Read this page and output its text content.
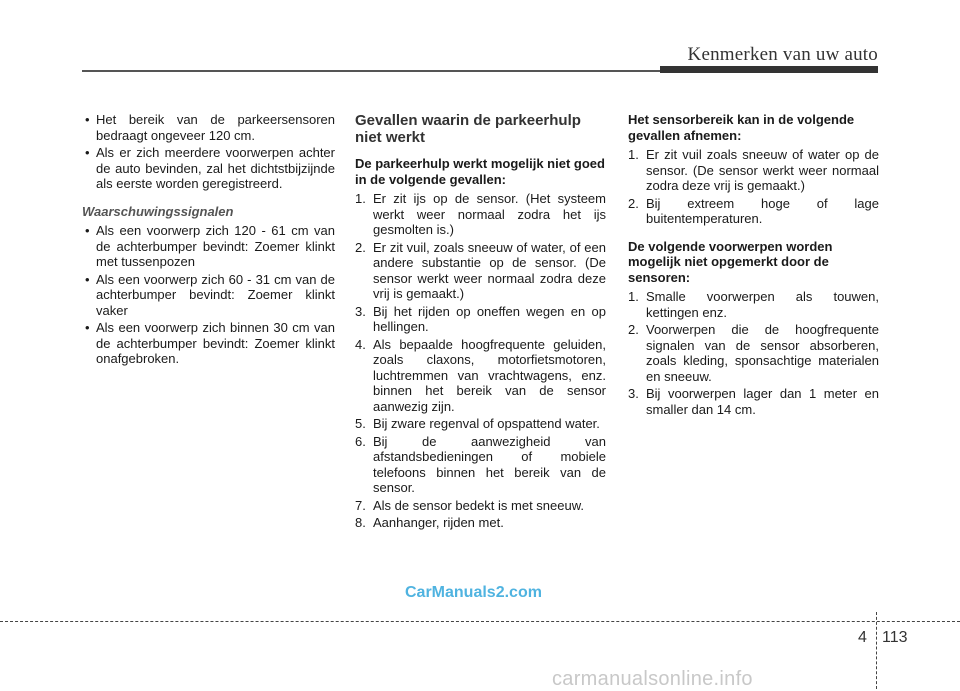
Kenmerken van uw auto
• Het bereik van de parkeersensoren bedraagt ongeveer 120 cm.
• Als er zich meerdere voorwerpen achter de auto bevinden, zal het dichtstbijzijnde als eerste worden geregistreerd.
Waarschuwingssignalen
• Als een voorwerp zich 120 - 61 cm van de achterbumper bevindt: Zoemer klinkt met tussenpozen
• Als een voorwerp zich 60 - 31 cm van de achterbumper bevindt: Zoemer klinkt vaker
• Als een voorwerp zich binnen 30 cm van de achterbumper bevindt: Zoemer klinkt onafgebroken.
Gevallen waarin de parkeerhulp niet werkt
De parkeerhulp werkt mogelijk niet goed in de volgende gevallen:
1. Er zit ijs op de sensor. (Het systeem werkt weer normaal zodra het ijs gesmolten is.)
2. Er zit vuil, zoals sneeuw of water, of een andere substantie op de sensor. (De sensor werkt weer normaal zodra deze vrij is gemaakt.)
3. Bij het rijden op oneffen wegen en op hellingen.
4. Als bepaalde hoogfrequente geluiden, zoals claxons, motorfietsmotoren, luchtremmen van vrachtwagens, enz. binnen het bereik van de sensor aanwezig zijn.
5. Bij zware regenval of opspattend water.
6. Bij de aanwezigheid van afstandsbedieningen of mobiele telefoons binnen het bereik van de sensor.
7. Als de sensor bedekt is met sneeuw.
8. Aanhanger, rijden met.
Het sensorbereik kan in de volgende gevallen afnemen:
1. Er zit vuil zoals sneeuw of water op de sensor. (De sensor werkt weer normaal zodra deze vrij is gemaakt.)
2. Bij extreem hoge of lage buitentemperaturen.
De volgende voorwerpen worden mogelijk niet opgemerkt door de sensoren:
1. Smalle voorwerpen als touwen, kettingen enz.
2. Voorwerpen die de hoogfrequente signalen van de sensor absorberen, zoals kleding, sponsachtige materialen en sneeuw.
3. Bij voorwerpen lager dan 1 meter en smaller dan 14 cm.
CarManuals2.com
4 113
carmanualsonline.info
